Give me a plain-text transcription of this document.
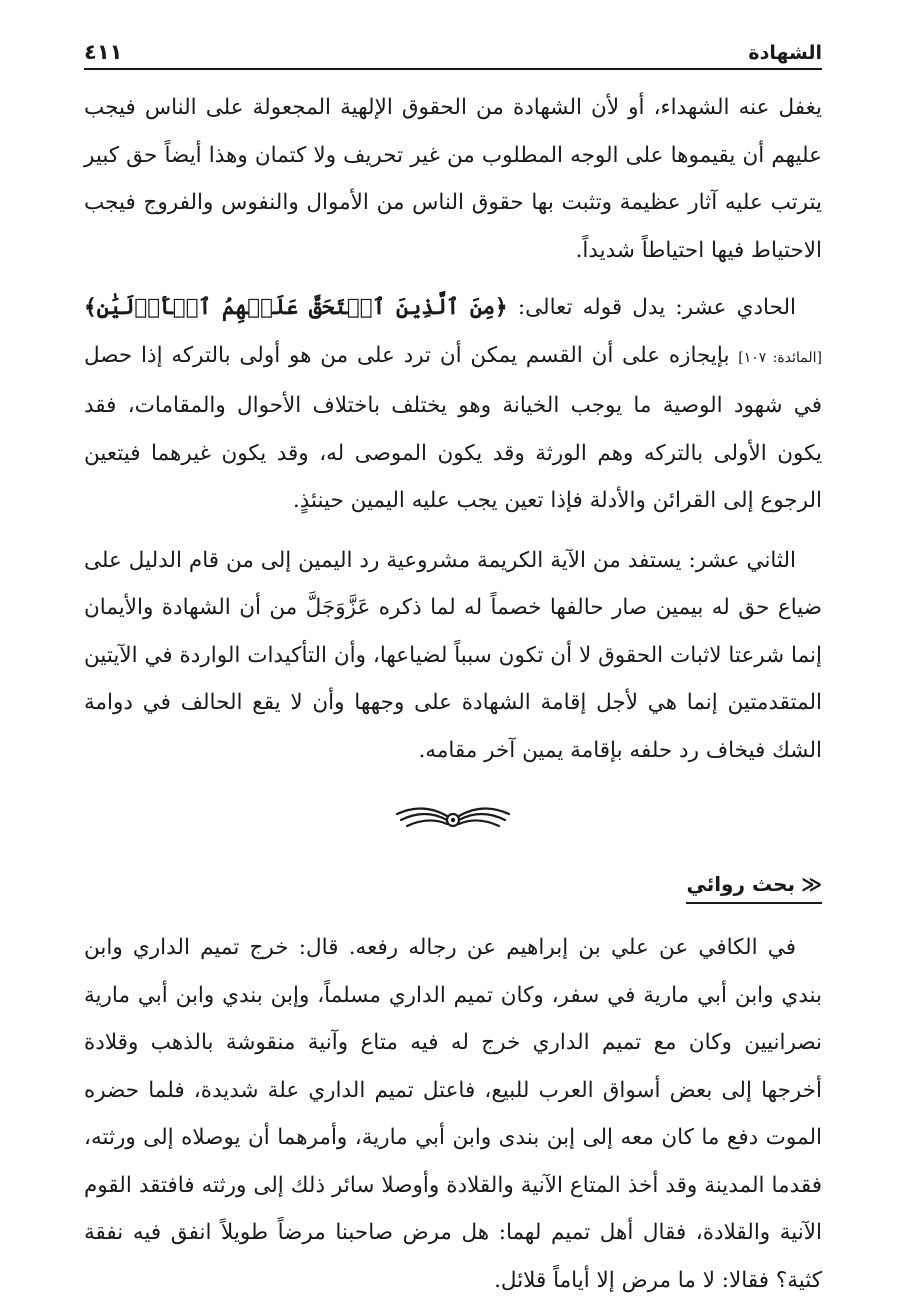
الشهادة
٤١١

يغفل عنه الشهداء، أو لأن الشهادة من الحقوق الإلهية المجعولة على الناس فيجب عليهم أن يقيموها على الوجه المطلوب من غير تحريف ولا كتمان وهذا أيضاً حق كبير يترتب عليه آثار عظيمة وتثبت بها حقوق الناس من الأموال والنفوس والفروج فيجب الاحتياط فيها احتياطاً شديداً.

الحادي عشر: يدل قوله تعالى: ﴿مِنَ ٱلَّذِينَ ٱسۡتَحَقَّ عَلَيۡهِمُ ٱلۡأَوۡلَيَٰنِ﴾ [المائدة: ١٠٧] بإيجازه على أن القسم يمكن أن ترد على من هو أولى بالتركه إذا حصل في شهود الوصية ما يوجب الخيانة وهو يختلف باختلاف الأحوال والمقامات، فقد يكون الأولى بالتركه وهم الورثة وقد يكون الموصى له، وقد يكون غيرهما فيتعين الرجوع إلى القرائن والأدلة فإذا تعين يجب عليه اليمين حينئذٍ.

الثاني عشر: يستفد من الآية الكريمة مشروعية رد اليمين إلى من قام الدليل على ضياع حق له بيمين صار حالفها خصماً له لما ذكره عَزَّوَجَلَّ من أن الشهادة والأيمان إنما شرعتا لاثبات الحقوق لا أن تكون سبباً لضياعها، وأن التأكيدات الواردة في الآيتين المتقدمتين إنما هي لأجل إقامة الشهادة على وجهها وأن لا يقع الحالف في دوامة الشك فيخاف رد حلفه بإقامة يمين آخر مقامه.

≪بحث روائي

في الكافي عن علي بن إبراهيم عن رجاله رفعه. قال: خرج تميم الداري وابن بندي وابن أبي مارية في سفر، وكان تميم الداري مسلماً، وإبن بندي وابن أبي مارية نصرانيين وكان مع تميم الداري خرج له فيه متاع وآنية منقوشة بالذهب وقلادة أخرجها إلى بعض أسواق العرب للبيع، فاعتل تميم الداري علة شديدة، فلما حضره الموت دفع ما كان معه إلى إبن بندى وابن أبي مارية، وأمرهما أن يوصلاه إلى ورثته، فقدما المدينة وقد أخذ المتاع الآنية والقلادة وأوصلا سائر ذلك إلى ورثته فافتقد القوم الآنية والقلادة، فقال أهل تميم لهما: هل مرض صاحبنا مرضاً طويلاً انفق فيه نفقة كثية؟ فقالا: لا ما مرض إلا أياماً قلائل.
